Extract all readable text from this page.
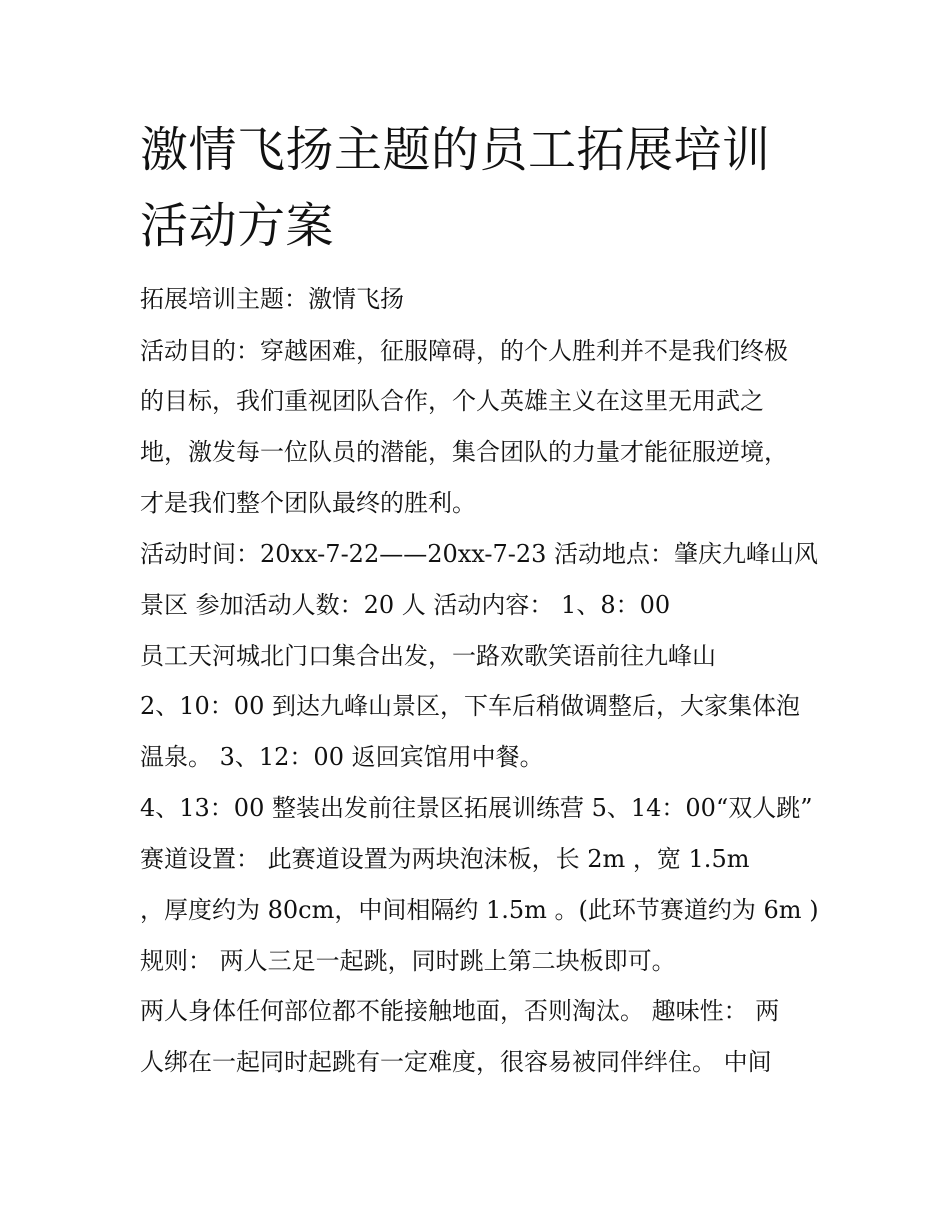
激情飞扬主题的员工拓展培训
活动方案

拓展培训主题：激情飞扬

活动目的：穿越困难，征服障碍，的个人胜利并不是我们终极

的目标，我们重视团队合作，个人英雄主义在这里无用武之

地，激发每一位队员的潜能，集合团队的力量才能征服逆境，

才是我们整个团队最终的胜利。

活动时间：20xx-7-22——20xx-7-23 活动地点：肇庆九峰山风

景区 参加活动人数：20 人 活动内容： 1、8：00

员工天河城北门口集合出发，一路欢歌笑语前往九峰山

2、10：00 到达九峰山景区，下车后稍做调整后，大家集体泡

温泉。 3、12：00 返回宾馆用中餐。

4、13：00 整装出发前往景区拓展训练营 5、14：00“双人跳”

赛道设置： 此赛道设置为两块泡沫板，长 2m ，宽 1.5m

，厚度约为 80cm，中间相隔约 1.5m 。(此环节赛道约为 6m )

规则： 两人三足一起跳，同时跳上第二块板即可。

两人身体任何部位都不能接触地面，否则淘汰。 趣味性： 两

人绑在一起同时起跳有一定难度，很容易被同伴绊住。 中间
